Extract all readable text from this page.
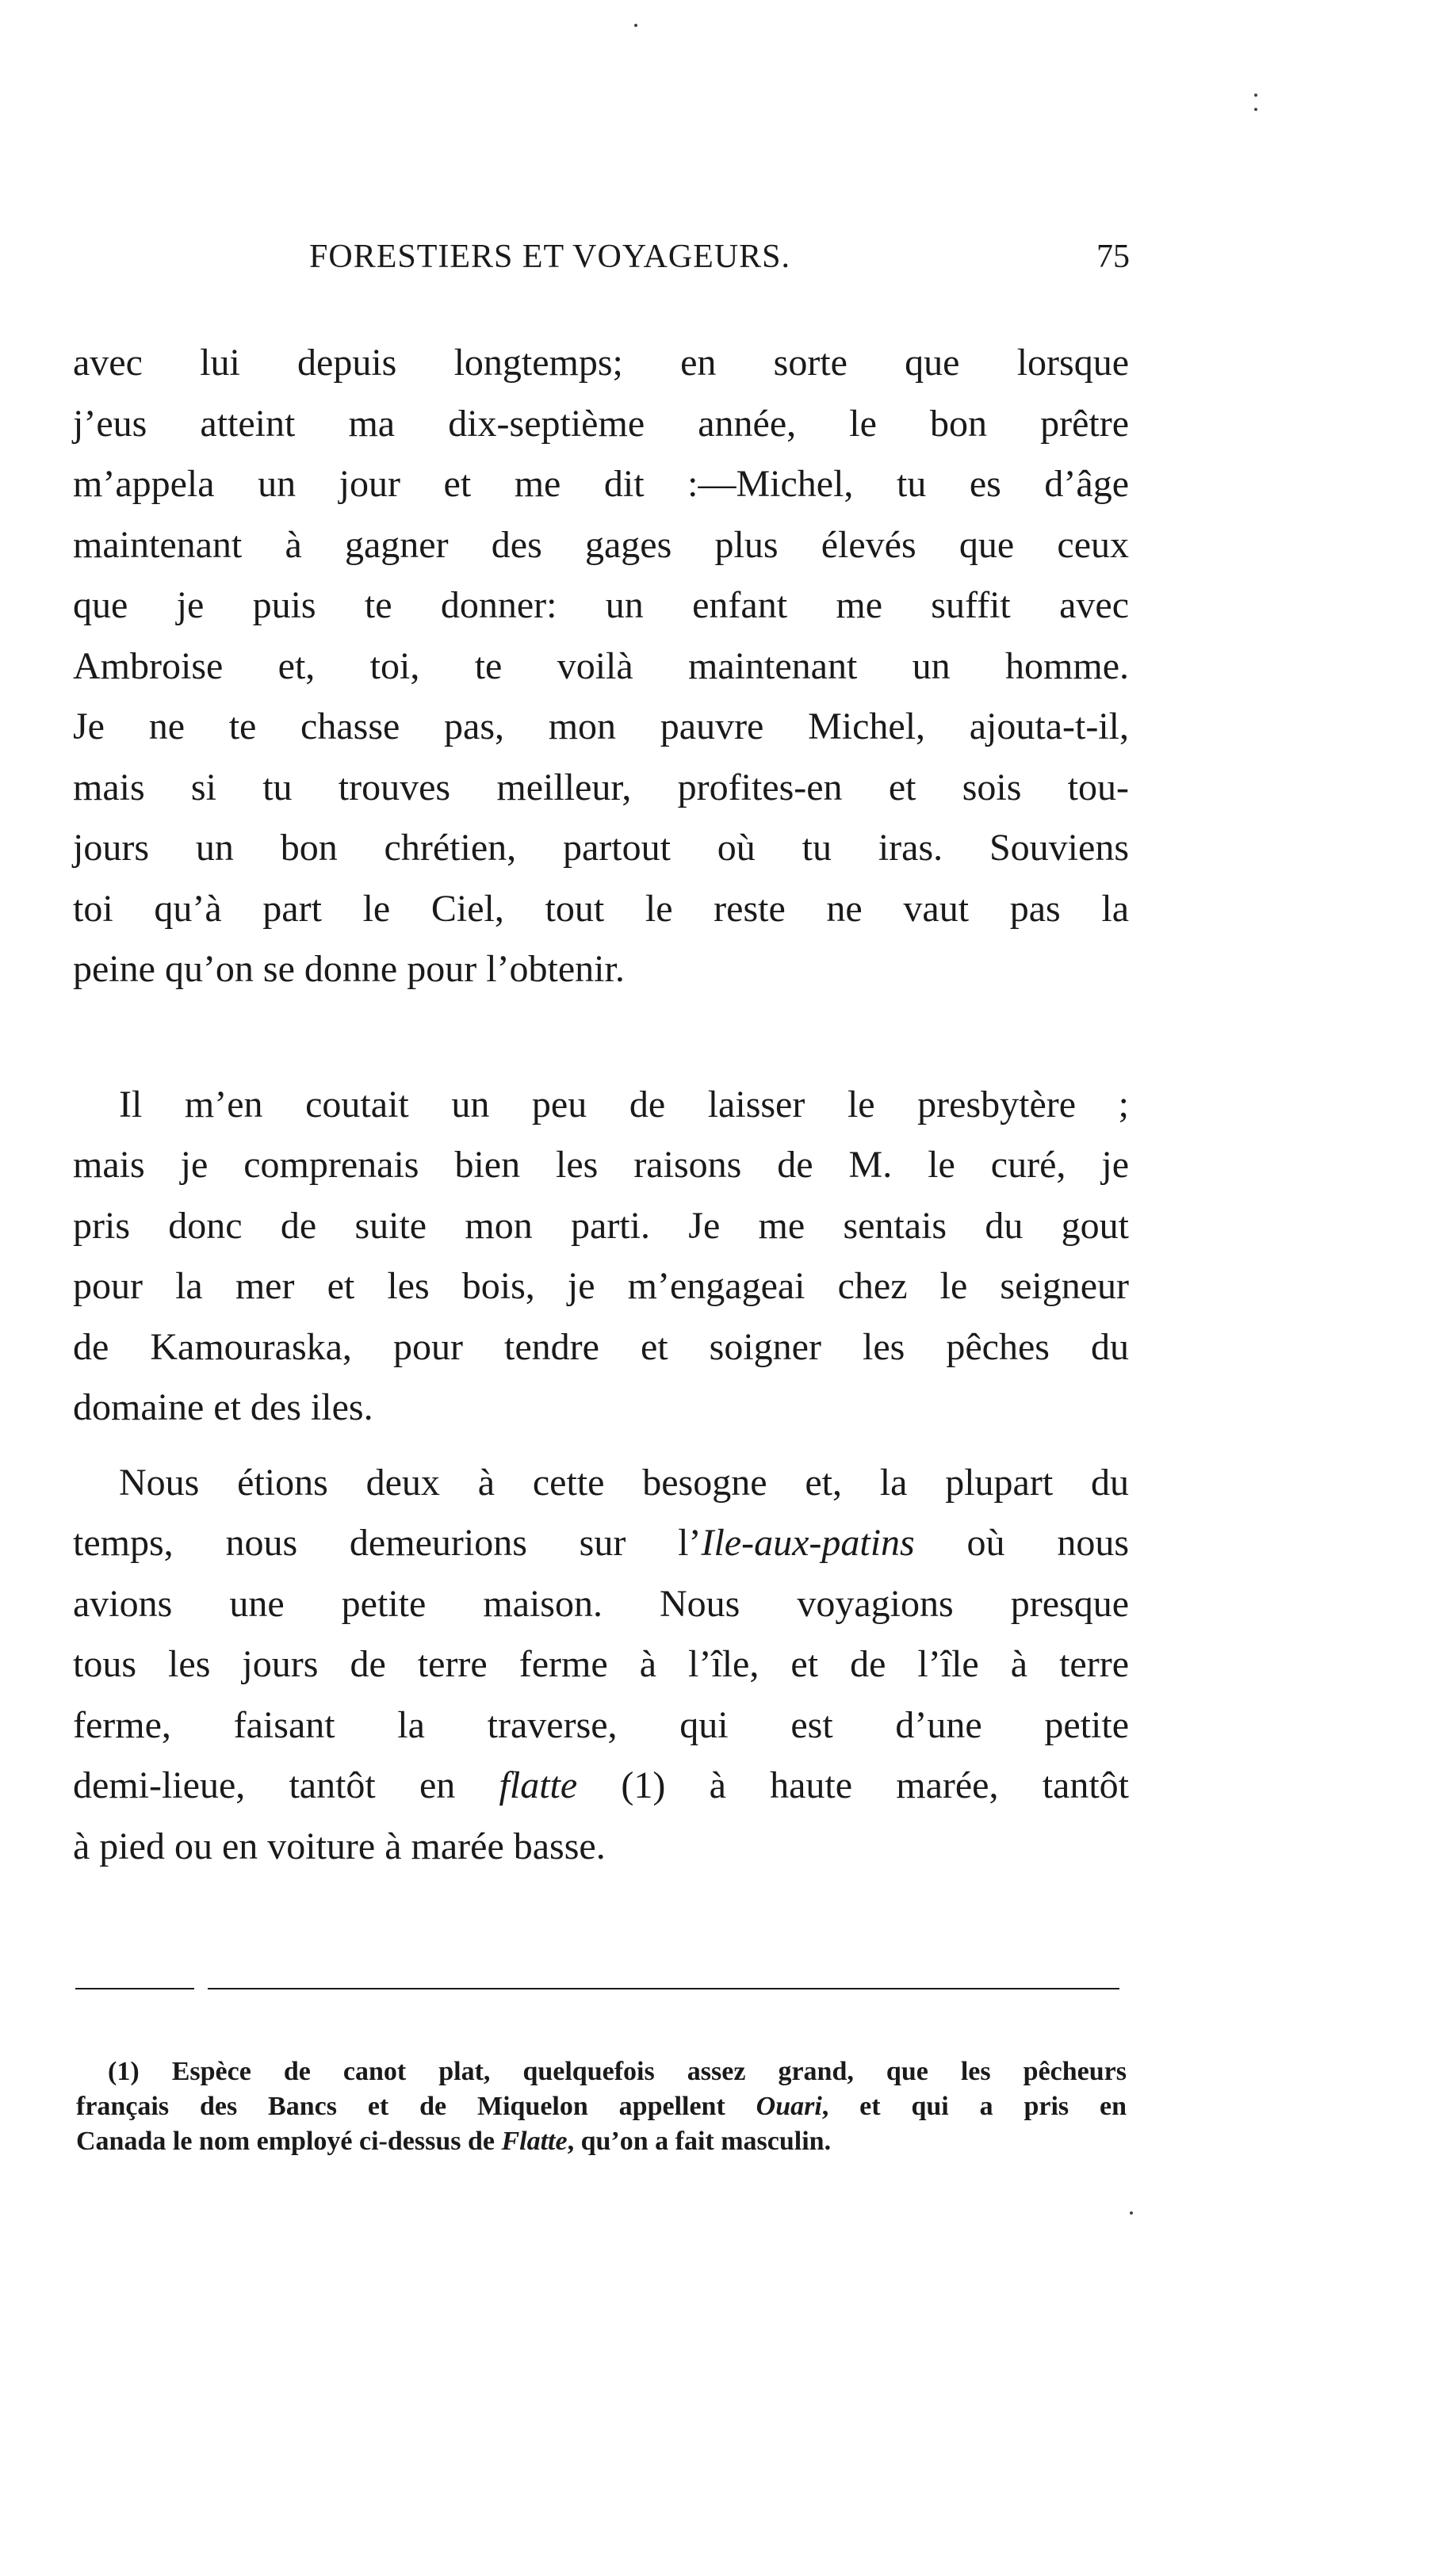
FORESTIERS ET VOYAGEURS.	75
avec lui depuis longtemps; en sorte que lorsque
j’eus atteint ma dix-septième année, le bon prêtre
m’appela un jour et me dit :—Michel, tu es d’âge
maintenant à gagner des gages plus élevés que ceux
que je puis te donner: un enfant me suffit avec
Ambroise et, toi, te voilà maintenant un homme.
Je ne te chasse pas, mon pauvre Michel, ajouta-t-il,
mais si tu trouves meilleur, profites-en et sois tou-
jours un bon chrétien, partout où tu iras. Souviens
toi qu’à part le Ciel, tout le reste ne vaut pas la
peine qu’on se donne pour l’obtenir.
Il m’en coutait un peu de laisser le presbytère ;
mais je comprenais bien les raisons de M. le curé, je
pris donc de suite mon parti. Je me sentais du gout
pour la mer et les bois, je m’engageai chez le seigneur
de Kamouraska, pour tendre et soigner les pêches du
domaine et des iles.
Nous étions deux à cette besogne et, la plupart du
temps, nous demeurions sur l’Ile-aux-patins où nous
avions une petite maison. Nous voyagions presque
tous les jours de terre ferme à l’île, et de l’île à terre
ferme, faisant la traverse, qui est d’une petite
demi-lieue, tantôt en flatte (1) à haute marée, tantôt
à pied ou en voiture à marée basse.
(1) Espèce de canot plat, quelquefois assez grand, que les pêcheurs
français des Bancs et de Miquelon appellent Ouari, et qui a pris en
Canada le nom employé ci-dessus de Flatte, qu’on a fait masculin.
